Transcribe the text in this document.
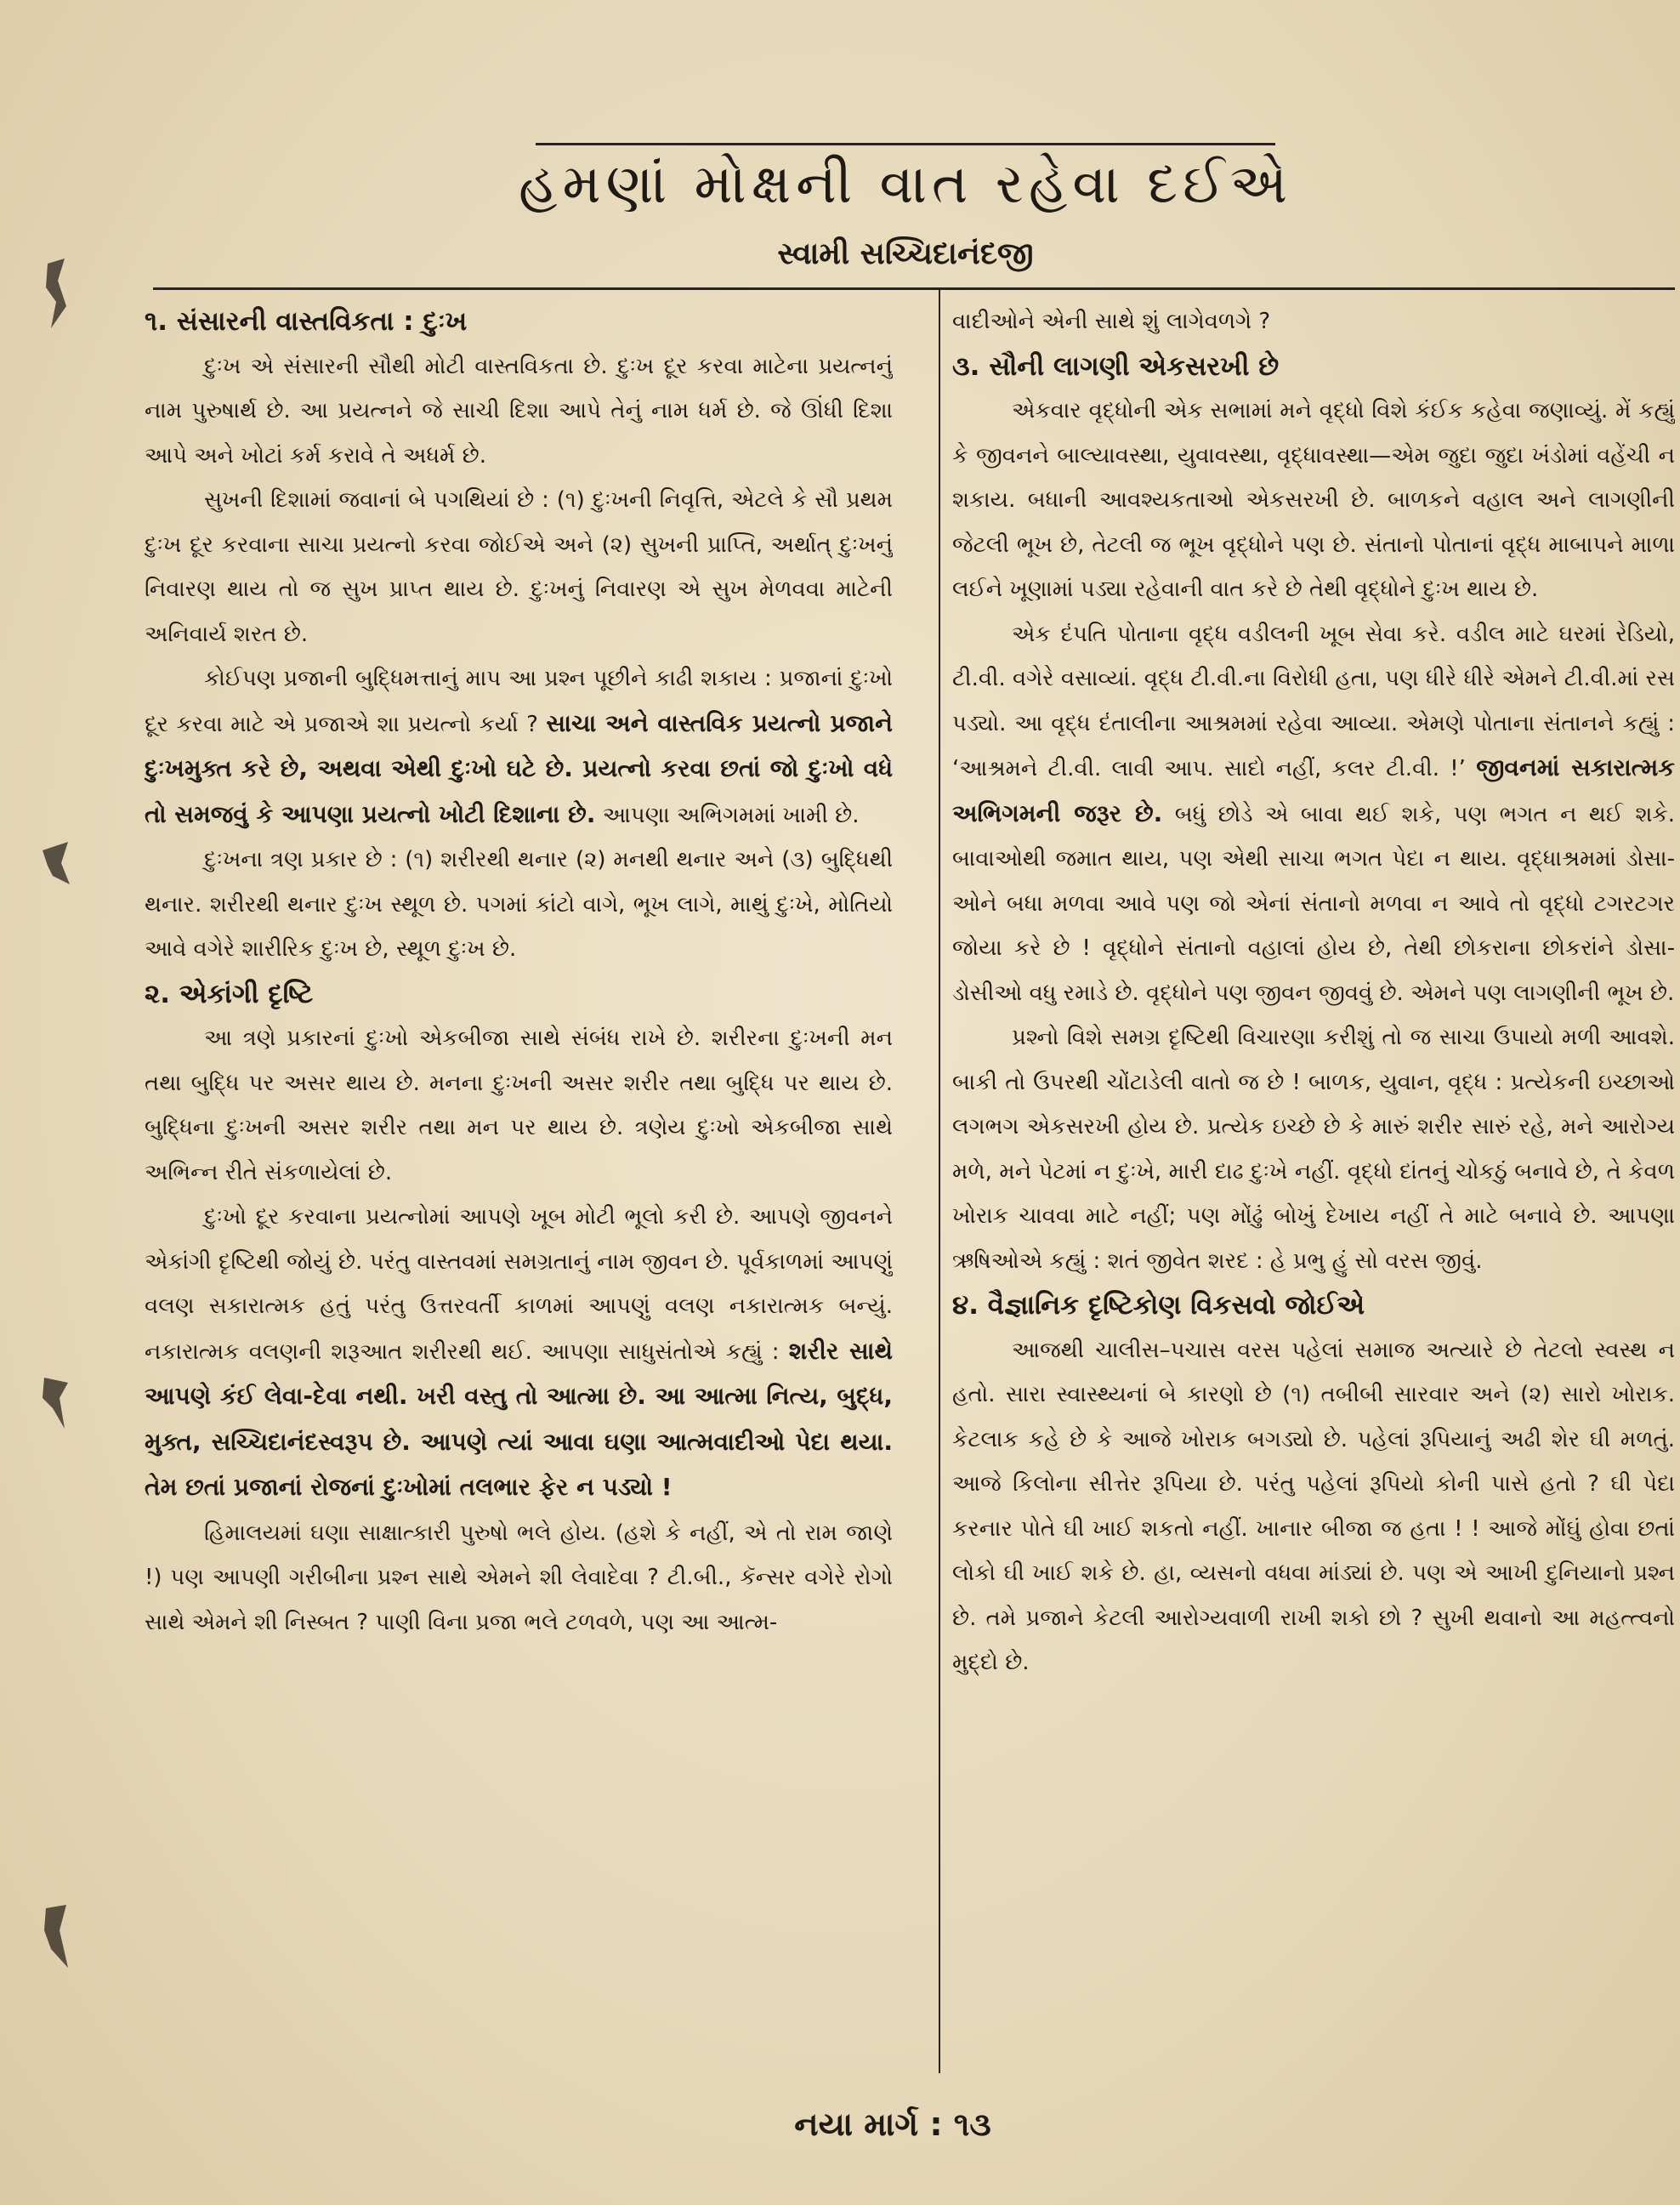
હમણાં મોક્ષની વાત રહેવા દઈએ
સ્વામી સચ્ચિદાનંદજી
૧. સંસારની વાસ્તવિકતા : દુઃખ

દુઃખ એ સંસારની સૌથી મોટી વાસ્તવિકતા છે. દુઃખ દૂર કરવા માટેના પ્રયત્નનું નામ પુરુષાર્થ છે. આ પ્રયત્નને જે સાચી દિશા આપે તેનું નામ ધર્મ છે. જે ઊંધી દિશા આપે અને ખોટાં કર્મ કરાવે તે અધર્મ છે.

સુખની દિશામાં જવાનાં બે પગથિયાં છે : (૧) દુઃખની નિવૃત્તિ, એટલે કે સૌ પ્રથમ દુઃખ દૂર કરવાના સાચા પ્રયત્નો કરવા જોઈએ અને (૨) સુખની પ્રાપ્તિ, અર્થાત્ દુઃખનું નિવારણ થાય તો જ સુખ પ્રાપ્ત થાય છે. દુઃખનું નિવારણ એ સુખ મેળવવા માટેની અનિવાર્ય શરત છે.

કોઈપણ પ્રજાની બુદ્ધિમત્તાનું માપ આ પ્રશ્ન પૂછીને કાઢી શકાય : પ્રજાનાં દુઃખો દૂર કરવા માટે એ પ્રજાએ શા પ્રયત્નો કર્યા ? સાચા અને વાસ્તવિક પ્રયત્નો પ્રજાને દુઃખમુક્ત કરે છે, અથવા એથી દુઃખો ઘટે છે. પ્રયત્નો કરવા છતાં જો દુઃખો વધે તો સમજવું કે આપણા પ્રયત્નો ખોટી દિશાના છે. આપણા અભિગમમાં ખામી છે.

દુઃખના ત્રણ પ્રકાર છે : (૧) શરીરથી થનાર (૨) મનથી થનાર અને (૩) બુદ્ધિથી થનાર. શરીરથી થનાર દુઃખ સ્થૂળ છે. પગમાં કાંટો વાગે, ભૂખ લાગે, માથું દુઃખે, મોતિયો આવે વગેરે શારીરિક દુઃખ છે, સ્થૂળ દુઃખ છે.

૨. એકાંગી દૃષ્ટિ

આ ત્રણે પ્રકારનાં દુઃખો એકબીજા સાથે સંબંધ રાખે છે. શરીરના દુઃખની મન તથા બુદ્ધિ પર અસર થાય છે. મનના દુઃખની અસર શરીર તથા બુદ્ધિ પર થાય છે. બુદ્ધિના દુઃખની અસર શરીર તથા મન પર થાય છે. ત્રણેય દુઃખો એકબીજા સાથે અભિન્ન રીતે સંકળાયેલાં છે.

દુઃખો દૂર કરવાના પ્રયત્નોમાં આપણે ખૂબ મોટી ભૂલો કરી છે. આપણે જીવનને એકાંગી દૃષ્ટિથી જોયું છે. પરંતુ વાસ્તવમાં સમગ્રતાનું નામ જીવન છે. પૂર્વકાળમાં આપણું વલણ સકારાત્મક હતું પરંતુ ઉત્તરવર્તી કાળમાં આપણું વલણ નકારાત્મક બન્યું. નકારાત્મક વલણની શરૂઆત શરીરથી થઈ. આપણા સાધુસંતોએ કહ્યું : શરીર સાથે આપણે કંઈ લેવા-દેવા નથી. ખરી વસ્તુ તો આત્મા છે. આ આત્મા નિત્ય, બુદ્ધ, મુક્ત, સચ્ચિદાનંદસ્વરૂપ છે. આપણે ત્યાં આવા ઘણા આત્મવાદીઓ પેદા થયા. તેમ છતાં પ્રજાનાં રોજનાં દુઃખોમાં તલભાર ફેર ન પડ્યો !

હિમાલયમાં ઘણા સાક્ષાત્કારી પુરુષો ભલે હોય. (હશે કે નહીં, એ તો રામ જાણે !) પણ આપણી ગરીબીના પ્રશ્ન સાથે એમને શી લેવાદેવા ? ટી.બી., કૅન્સર વગેરે રોગો સાથે એમને શી નિસ્બત ? પાણી વિના પ્રજા ભલે ટળવળે, પણ આ આત્મ-

વાદીઓને એની સાથે શું લાગેવળગે ?

૩. સૌની લાગણી એકસરખી છે

એકવાર વૃદ્ધોની એક સભામાં મને વૃદ્ધો વિશે કંઈક કહેવા જણાવ્યું. મેં કહ્યું કે જીવનને બાલ્યાવસ્થા, યુવાવસ્થા, વૃદ્ધાવસ્થા—એમ જુદા જુદા ખંડોમાં વહેંચી ન શકાય. બધાની આવશ્યકતાઓ એકસરખી છે. બાળકને વહાલ અને લાગણીની જેટલી ભૂખ છે, તેટલી જ ભૂખ વૃદ્ધોને પણ છે. સંતાનો પોતાનાં વૃદ્ધ માબાપને માળા લઈને ખૂણામાં પડ્યા રહેવાની વાત કરે છે તેથી વૃદ્ધોને દુઃખ થાય છે.

એક દંપતિ પોતાના વૃદ્ધ વડીલની ખૂબ સેવા કરે. વડીલ માટે ઘરમાં રેડિયો, ટી.વી. વગેરે વસાવ્યાં. વૃદ્ધ ટી.વી.ના વિરોધી હતા, પણ ધીરે ધીરે એમને ટી.વી.માં રસ પડ્યો. આ વૃદ્ધ દંતાલીના આશ્રમમાં રહેવા આવ્યા. એમણે પોતાના સંતાનને કહ્યું : ‘આશ્રમને ટી.વી. લાવી આપ. સાદો નહીં, કલર ટી.વી. !’ જીવનમાં સકારાત્મક અભિગમની જરૂર છે. બધું છોડે એ બાવા થઈ શકે, પણ ભગત ન થઈ શકે. બાવાઓથી જમાત થાય, પણ એથી સાચા ભગત પેદા ન થાય. વૃદ્ધાશ્રમમાં ડોસા-ઓને બધા મળવા આવે પણ જો એનાં સંતાનો મળવા ન આવે તો વૃદ્ધો ટગરટગર જોયા કરે છે ! વૃદ્ધોને સંતાનો વહાલાં હોય છે, તેથી છોકરાના છોકરાંને ડોસા-ડોસીઓ વધુ રમાડે છે. વૃદ્ધોને પણ જીવન જીવવું છે. એમને પણ લાગણીની ભૂખ છે.

પ્રશ્નો વિશે સમગ્ર દૃષ્ટિથી વિચારણા કરીશું તો જ સાચા ઉપાયો મળી આવશે. બાકી તો ઉપરથી ચોંટાડેલી વાતો જ છે ! બાળક, યુવાન, વૃદ્ધ : પ્રત્યેકની ઇચ્છાઓ લગભગ એકસરખી હોય છે. પ્રત્યેક ઇચ્છે છે કે મારું શરીર સારું રહે, મને આરોગ્ય મળે, મને પેટમાં ન દુઃખે, મારી દાઢ દુઃખે નહીં. વૃદ્ધો દાંતનું ચોકઠું બનાવે છે, તે કેવળ ખોરાક ચાવવા માટે નહીં; પણ મોંઢું બોખું દેખાય નહીં તે માટે બનાવે છે. આપણા ઋષિઓએ કહ્યું : શતં જીવેત શરદ : હે પ્રભુ હું સો વરસ જીવું.

૪. વૈજ્ઞાનિક દૃષ્ટિકોણ વિકસવો જોઈએ

આજથી ચાલીસ–પચાસ વરસ પહેલાં સમાજ અત્યારે છે તેટલો સ્વસ્થ ન હતો. સારા સ્વાસ્થ્યનાં બે કારણો છે (૧) તબીબી સારવાર અને (૨) સારો ખોરાક. કેટલાક કહે છે કે આજે ખોરાક બગડ્યો છે. પહેલાં રૂપિયાનું અઢી શેર ઘી મળતું. આજે કિલોના સીત્તેર રૂપિયા છે. પરંતુ પહેલાં રૂપિયો કોની પાસે હતો ? ઘી પેદા કરનાર પોતે ઘી ખાઈ શકતો નહીં. ખાનાર બીજા જ હતા ! ! આજે મોંઘું હોવા છતાં લોકો ઘી ખાઈ શકે છે. હા, વ્યસનો વધવા માંડ્યાં છે. પણ એ આખી દુનિયાનો પ્રશ્ન છે. તમે પ્રજાને કેટલી આરોગ્યવાળી રાખી શકો છો ? સુખી થવાનો આ મહત્ત્વનો મુદ્દો છે.

નયા માર્ગ : ૧૩
